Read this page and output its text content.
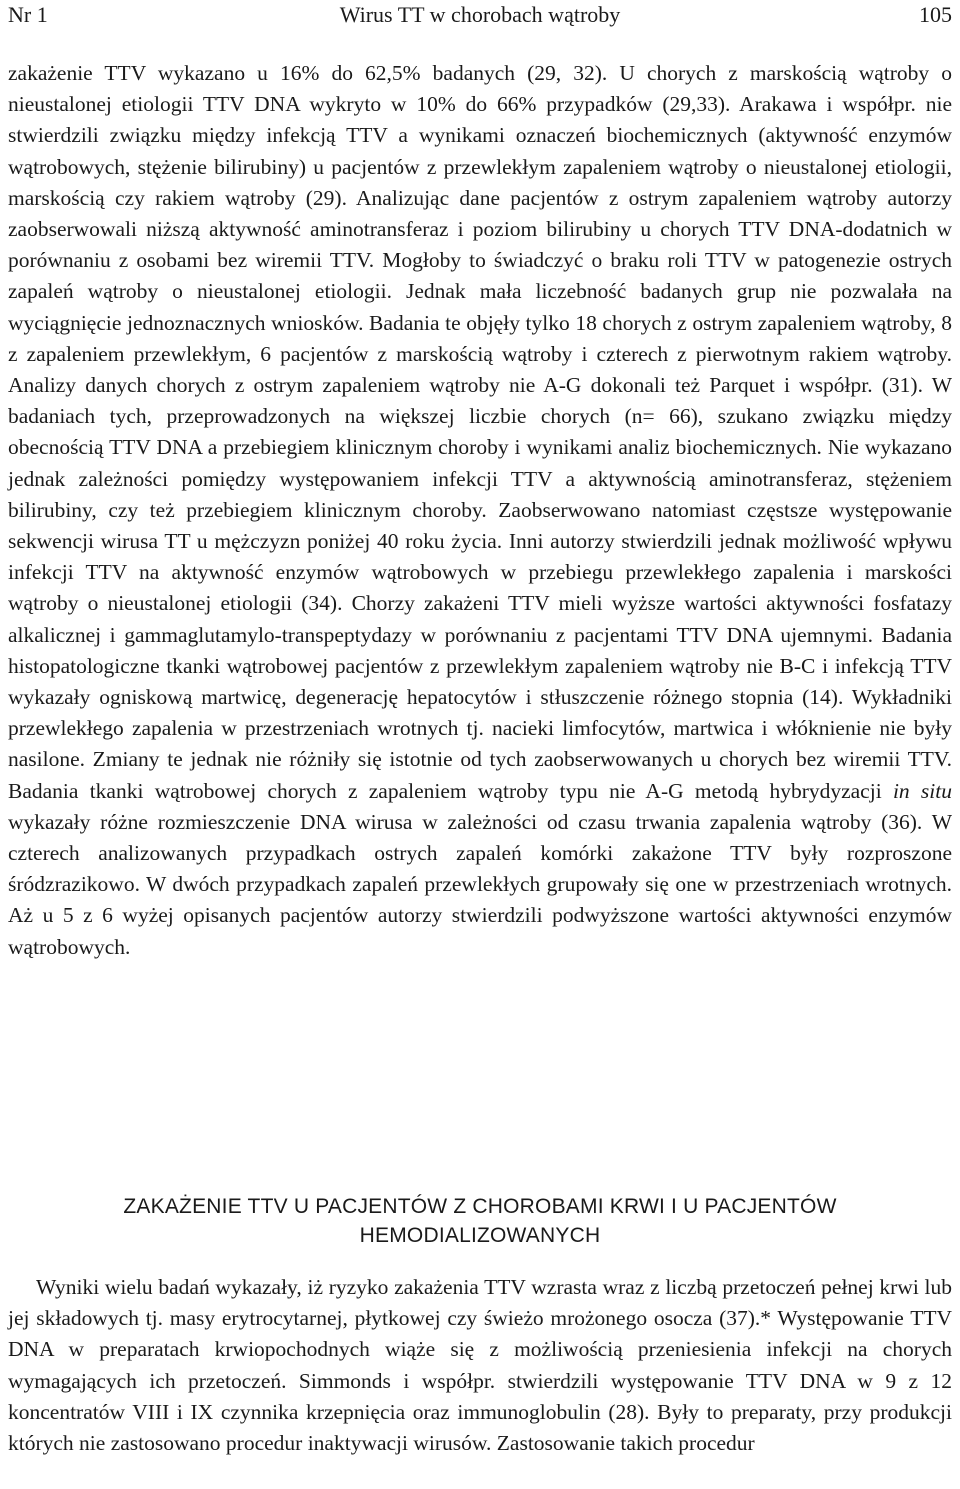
Nr 1	Wirus TT w chorobach wątroby	105

zakażenie TTV wykazano u 16% do 62,5% badanych (29, 32). U chorych z marskością wątroby o nieustalonej etiologii TTV DNA wykryto w 10% do 66% przypadków (29,33). Arakawa i współpr. nie stwierdzili związku między infekcją TTV a wynikami oznaczeń biochemicznych (aktywność enzymów wątrobowych, stężenie bilirubiny) u pacjentów z przewlekłym zapaleniem wątroby o nieustalonej etiologii, marskością czy rakiem wątroby (29). Analizując dane pacjentów z ostrym zapaleniem wątroby autorzy zaobserwowali niższą aktywność aminotransferaz i poziom bilirubiny u chorych TTV DNA-dodatnich w porównaniu z osobami bez wiremii TTV. Mogłoby to świadczyć o braku roli TTV w patogenezie ostrych zapaleń wątroby o nieustalonej etiologii. Jednak mała liczebność badanych grup nie pozwalała na wyciągnięcie jednoznacznych wniosków. Badania te objęły tylko 18 chorych z ostrym zapaleniem wątroby, 8 z zapaleniem przewlekłym, 6 pacjentów z marskością wątroby i czterech z pierwotnym rakiem wątroby. Analizy danych chorych z ostrym zapaleniem wątroby nie A-G dokonali też Parquet i współpr. (31). W badaniach tych, przeprowadzonych na większej liczbie chorych (n= 66), szukano związku między obecnością TTV DNA a przebiegiem klinicznym choroby i wynikami analiz biochemicznych. Nie wykazano jednak zależności pomiędzy występowaniem infekcji TTV a aktywnością aminotransferaz, stężeniem bilirubiny, czy też przebiegiem klinicznym choroby. Zaobserwowano natomiast częstsze występowanie sekwencji wirusa TT u mężczyzn poniżej 40 roku życia. Inni autorzy stwierdzili jednak możliwość wpływu infekcji TTV na aktywność enzymów wątrobowych w przebiegu przewlekłego zapalenia i marskości wątroby o nieustalonej etiologii (34). Chorzy zakażeni TTV mieli wyższe wartości aktywności fosfatazy alkalicznej i gammaglutamylo-transpeptydazy w porównaniu z pacjentami TTV DNA ujemnymi. Badania histopatologiczne tkanki wątrobowej pacjentów z przewlekłym zapaleniem wątroby nie B-C i infekcją TTV wykazały ogniskową martwicę, degenerację hepatocytów i stłuszczenie różnego stopnia (14). Wykładniki przewlekłego zapalenia w przestrzeniach wrotnych tj. nacieki limfocytów, martwica i włóknienie nie były nasilone. Zmiany te jednak nie różniły się istotnie od tych zaobserwowanych u chorych bez wiremii TTV. Badania tkanki wątrobowej chorych z zapaleniem wątroby typu nie A-G metodą hybrydyzacji in situ wykazały różne rozmieszczenie DNA wirusa w zależności od czasu trwania zapalenia wątroby (36). W czterech analizowanych przypadkach ostrych zapaleń komórki zakażone TTV były rozproszone śródzrazikowo. W dwóch przypadkach zapaleń przewlekłych grupowały się one w przestrzeniach wrotnych. Aż u 5 z 6 wyżej opisanych pacjentów autorzy stwierdzili podwyższone wartości aktywności enzymów wątrobowych.

ZAKAŻENIE TTV U PACJENTÓW Z CHOROBAMI KRWI I U PACJENTÓW
HEMODIALIZOWANYCH

Wyniki wielu badań wykazały, iż ryzyko zakażenia TTV wzrasta wraz z liczbą przetoczeń pełnej krwi lub jej składowych tj. masy erytrocytarnej, płytkowej czy świeżo mrożonego osocza (37).* Występowanie TTV DNA w preparatach krwiopochodnych wiąże się z możliwością przeniesienia infekcji na chorych wymagających ich przetoczeń. Simmonds i współpr. stwierdzili występowanie TTV DNA w 9 z 12 koncentratów VIII i IX czynnika krzepnięcia oraz immunoglobulin (28). Były to preparaty, przy produkcji których nie zastosowano procedur inaktywacji wirusów. Zastosowanie takich procedur
